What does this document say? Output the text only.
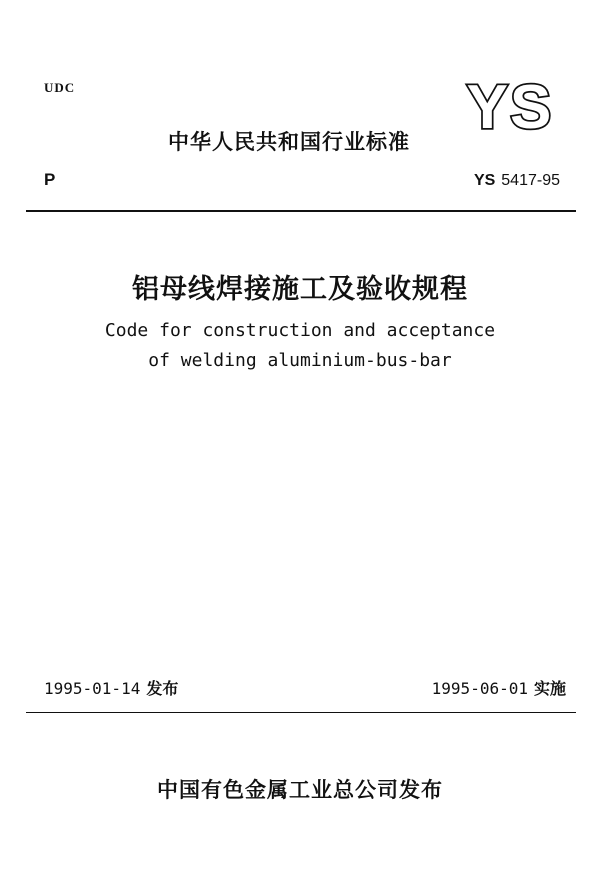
UDC	YS
中华人民共和国行业标准
P	YS 5417-95
铝母线焊接施工及验收规程
Code for construction and acceptance
of welding aluminium-bus-bar
1995-01-14 发布	1995-06-01 实施
中国有色金属工业总公司发布
